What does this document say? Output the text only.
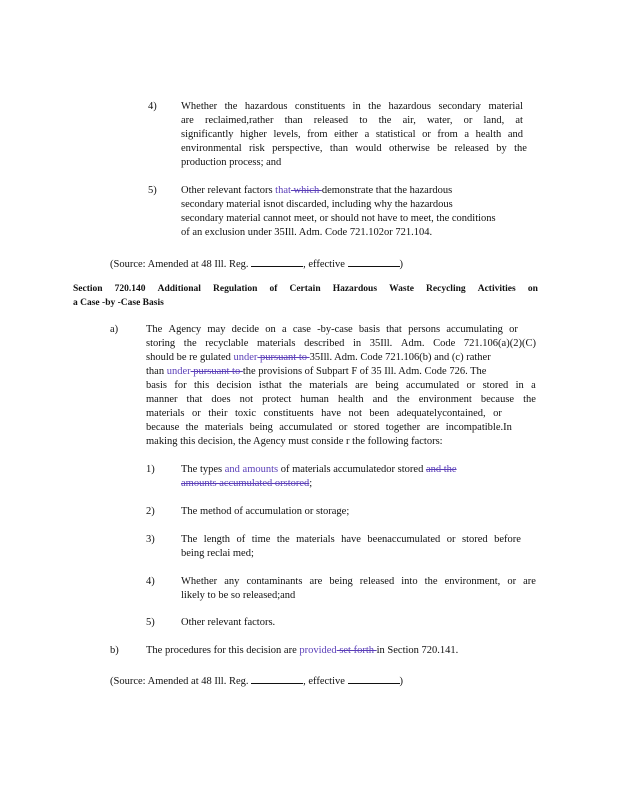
4) Whether the hazardous constituents in the hazardous secondary material
are reclaimed,rather than released to the air, water, or land, at
significantly higher levels, from either a statistical or from a health and
environmental risk perspective, than would otherwise be released by the
production process; and
5) Other relevant factors that which demonstrate that the hazardous
secondary material isnot discarded, including why the hazardous
secondary material cannot meet, or should not have to meet, the conditions
of an exclusion under 35Ill. Adm. Code 721.102or 721.104.
(Source: Amended at 48 Ill. Reg.	, effective	)
Section 720.140 Additional Regulation of Certain Hazardous Waste Recycling Activities on
a Case -by -Case Basis
a)	The Agency may decide on a case -by-case basis that persons accumulating or
storing the recyclable materials described in 35Ill. Adm. Code 721.106(a)(2)(C)
should be re gulated under pursuant to 35Ill. Adm. Code 721.106(b) and (c) rather
than under pursuant to the provisions of Subpart F of 35 Ill. Adm. Code 726. The
basis for this decision isthat the materials are being accumulated or stored in a
manner that does not protect human health and the environment because the
materials or their toxic constituents have not been adequatelycontained, or
because the materials being accumulated or stored together are incompatible.In
making this decision, the Agency must conside r the following factors:
1)	The types and amounts of materials accumulatedor stored and the
amounts accumulated orstored;
2)	The method of accumulation or storage;
3)	The length of time the materials have beenaccumulated or stored before
being reclai med;
4)	Whether any contaminants are being released into the environment, or are
likely to be so released;and
5)	Other relevant factors.
b)	The procedures for this decision are provided set forth in Section 720.141.
(Source: Amended at 48 Ill. Reg.	, effective	)
